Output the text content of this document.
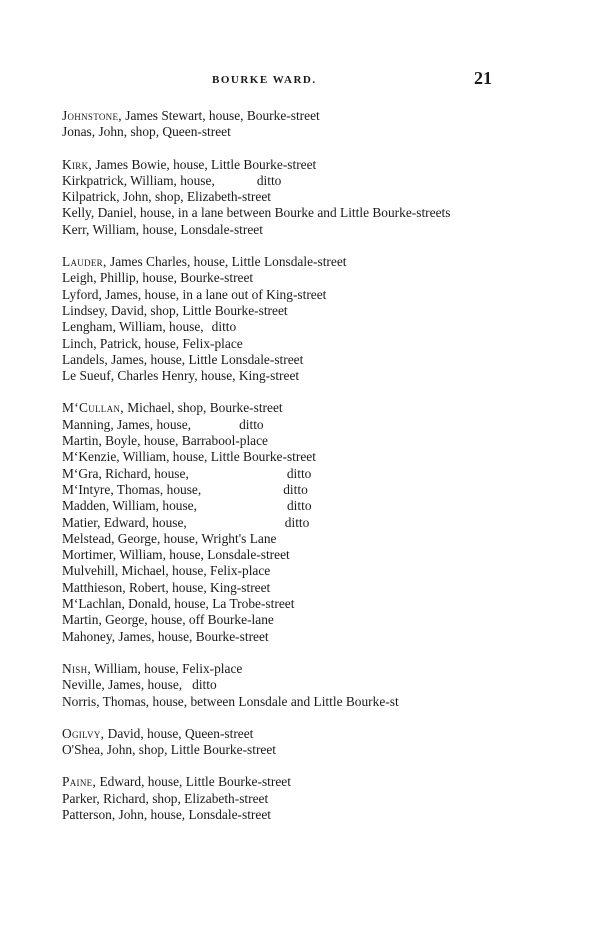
BOURKE WARD.	21
Johnstone, James Stewart, house, Bourke-street
Jonas, John, shop, Queen-street
Kirk, James Bowie, house, Little Bourke-street
Kirkpatrick, William, house,	ditto
Kilpatrick, John, shop, Elizabeth-street
Kelly, Daniel, house, in a lane between Bourke and Little Bourke-streets
Kerr, William, house, Lonsdale-street
Lauder, James Charles, house, Little Lonsdale-street
Leigh, Phillip, house, Bourke-street
Lyford, James, house, in a lane out of King-street
Lindsey, David, shop, Little Bourke-street
Lengham, William, house, ditto
Linch, Patrick, house, Felix-place
Landels, James, house, Little Lonsdale-street
Le Sueuf, Charles Henry, house, King-street
M‘Cullan, Michael, shop, Bourke-street
Manning, James, house,	ditto
Martin, Boyle, house, Barrabool-place
M‘Kenzie, William, house, Little Bourke-street
M‘Gra, Richard, house,	ditto
M‘Intyre, Thomas, house,	ditto
Madden, William, house,	ditto
Matier, Edward, house,	ditto
Melstead, George, house, Wright's Lane
Mortimer, William, house, Lonsdale-street
Mulvehill, Michael, house, Felix-place
Matthieson, Robert, house, King-street
M‘Lachlan, Donald, house, La Trobe-street
Martin, George, house, off Bourke-lane
Mahoney, James, house, Bourke-street
Nish, William, house, Felix-place
Neville, James, house, ditto
Norris, Thomas, house, between Lonsdale and Little Bourke-st
Ogilvy, David, house, Queen-street
O'Shea, John, shop, Little Bourke-street
Paine, Edward, house, Little Bourke-street
Parker, Richard, shop, Elizabeth-street
Patterson, John, house, Lonsdale-street
